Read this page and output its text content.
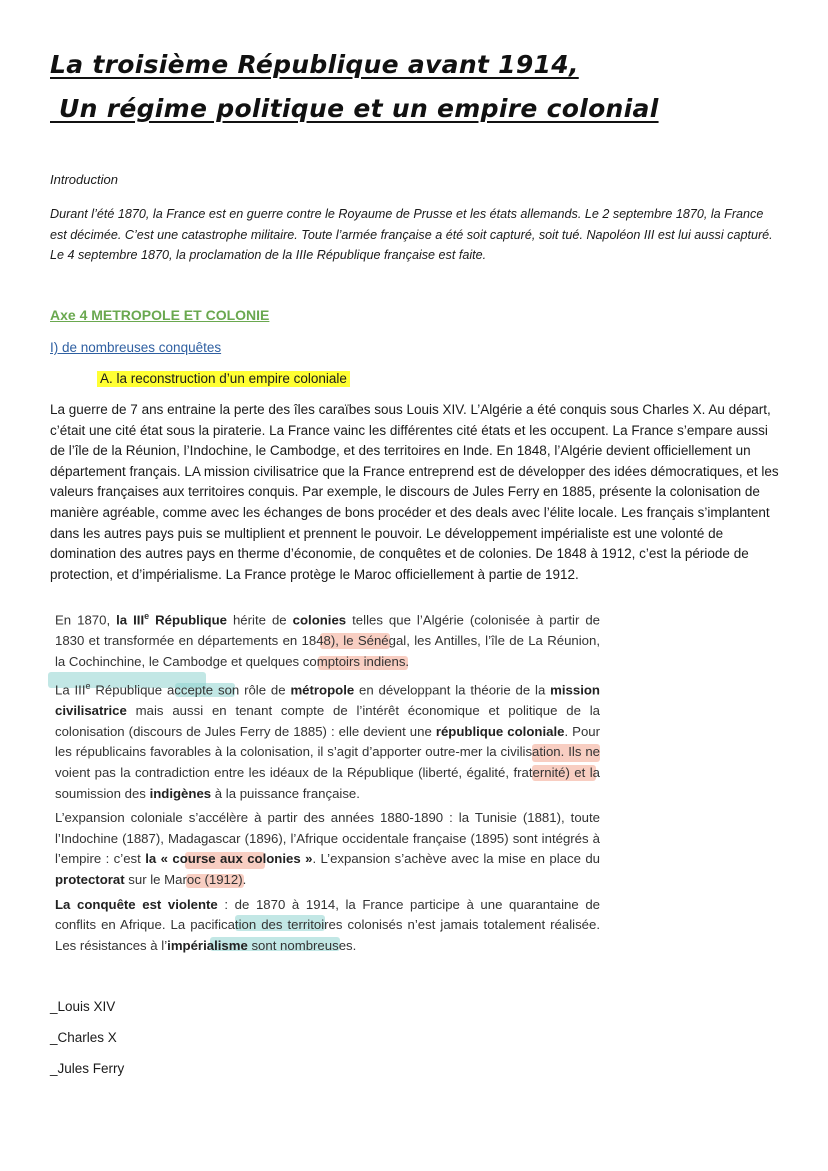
La troisième République avant 1914,
Un régime politique et un empire colonial
Introduction
Durant l’été 1870, la France est en guerre contre le Royaume de Prusse et les états allemands. Le 2 septembre 1870, la France est décimée. C’est une catastrophe militaire. Toute l’armée française a été soit capturé, soit tué. Napoléon III est lui aussi capturé. Le 4 septembre 1870, la proclamation de la IIIe République française est faite.
Axe 4 METROPOLE ET COLONIE
I) de nombreuses conquêtes
A. la reconstruction d’un empire coloniale
La guerre de 7 ans entraine la perte des îles caraïbes sous Louis XIV. L’Algérie a été conquis sous Charles X. Au départ, c’était une cité état sous la piraterie. La France vainc les différentes cité états et les occupent. La France s’empare aussi de l’île de la Réunion, l’Indochine, le Cambodge, et des territoires en Inde. En 1848, l’Algérie devient officiellement un département français. LA mission civilisatrice que la France entreprend est de développer des idées démocratiques, et les valeurs françaises aux territoires conquis. Par exemple, le discours de Jules Ferry en 1885, présente la colonisation de manière agréable, comme avec les échanges de bons procéder et des deals avec l’élite locale. Les français s’implantent dans les autres pays puis se multiplient et prennent le pouvoir. Le développement impérialiste est une volonté de domination des autres pays en therme d’économie, de conquêtes et de colonies. De 1848 à 1912, c’est la période de protection, et d’impérialisme. La France protège le Maroc officiellement à partie de 1912.

En 1870, la IIIe République hérite de colonies telles que l’Algérie (colonisée à partir de 1830 et transformée en départements en 1848), le Sénégal, les Antilles, l’île de La Réunion, la Cochinchine, le Cambodge et quelques comptoirs indiens.

La IIIe République accepte son rôle de métropole en développant la théorie de la mission civilisatrice mais aussi en tenant compte de l’intérêt économique et politique de la colonisation (discours de Jules Ferry de 1885) : elle devient une république coloniale. Pour les républicains favorables à la colonisation, il s’agit d’apporter outre-mer la civilisation. Ils ne voient pas la contradiction entre les idéaux de la République (liberté, égalité, fraternité) et la soumission des indigènes à la puissance française.

L’expansion coloniale s’accélère à partir des années 1880-1890 : la Tunisie (1881), toute l’Indochine (1887), Madagascar (1896), l’Afrique occidentale française (1895) sont intégrés à l’empire : c’est la « course aux colonies ». L’expansion s’achève avec la mise en place du protectorat sur le Maroc (1912).

La conquête est violente : de 1870 à 1914, la France participe à une quarantaine de conflits en Afrique. La pacification des territoires colonisés n’est jamais totalement réalisée. Les résistances à l’impérialisme sont nombreuses.

_Louis XIV
_Charles X
_Jules Ferry
